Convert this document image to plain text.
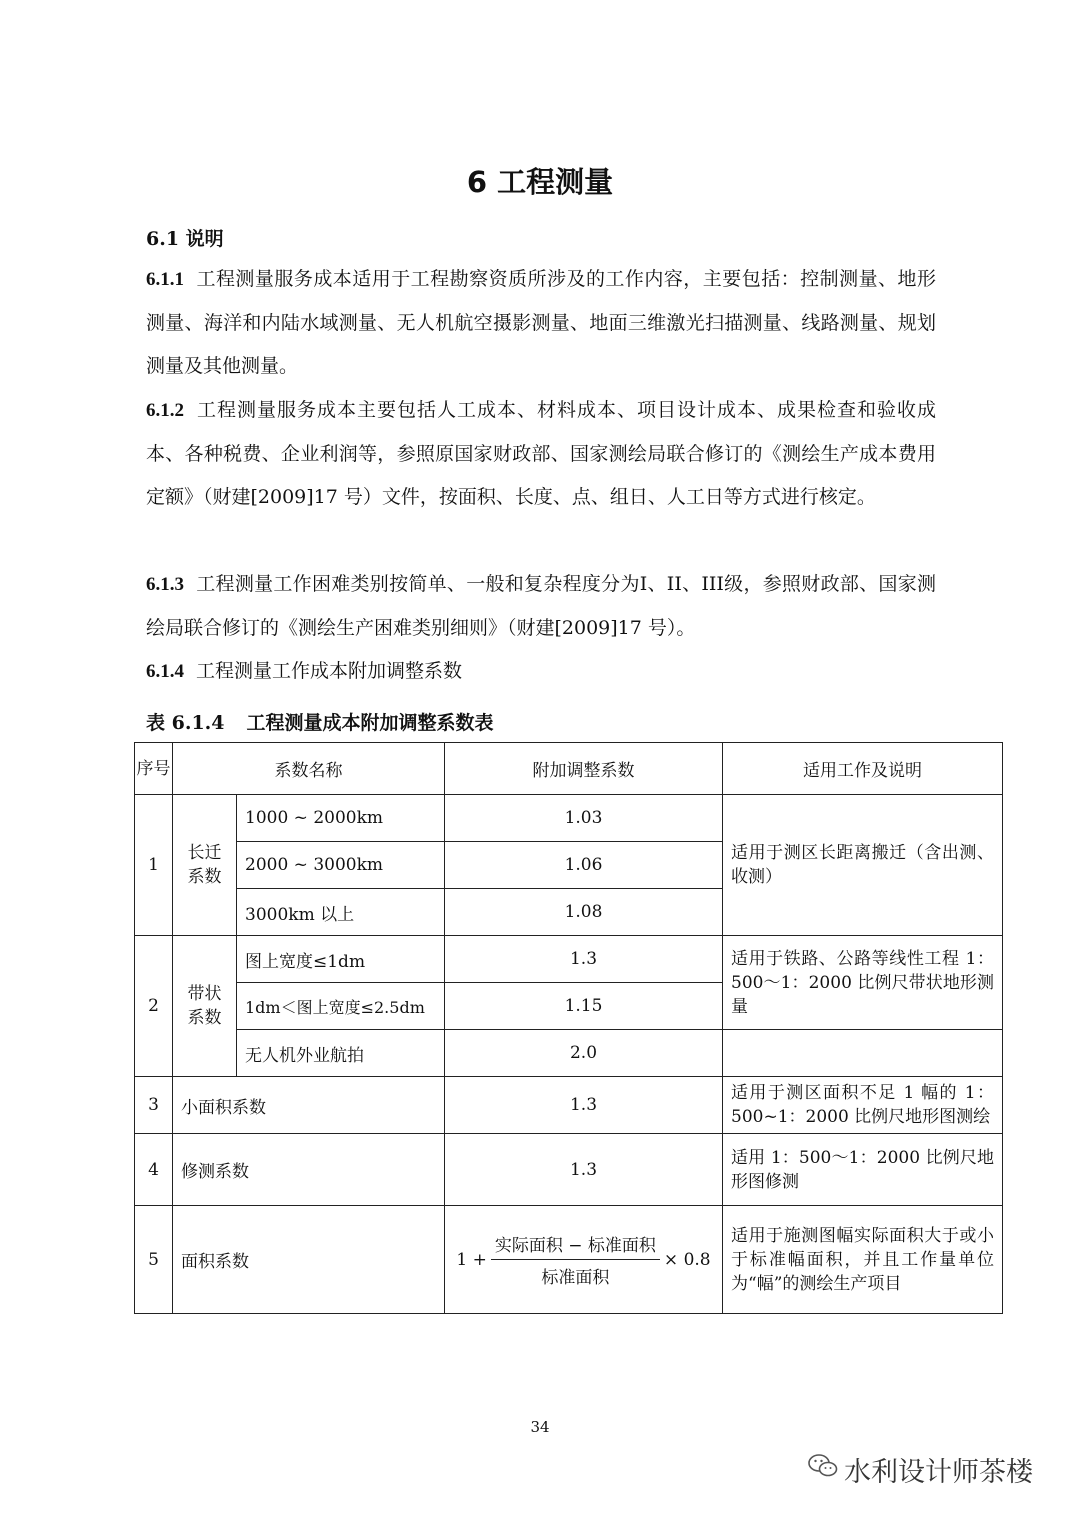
6 工程测量
6.1 说明
6.1.1 工程测量服务成本适用于工程勘察资质所涉及的工作内容，主要包括：控制测量、地形测量、海洋和内陆水域测量、无人机航空摄影测量、地面三维激光扫描测量、线路测量、规划测量及其他测量。
6.1.2 工程测量服务成本主要包括人工成本、材料成本、项目设计成本、成果检查和验收成本、各种税费、企业利润等，参照原国家财政部、国家测绘局联合修订的《测绘生产成本费用定额》（财建[2009]17 号）文件，按面积、长度、点、组日、人工日等方式进行核定。
6.1.3 工程测量工作困难类别按简单、一般和复杂程度分为I、II、III级，参照财政部、国家测绘局联合修订的《测绘生产困难类别细则》（财建[2009]17 号）。
6.1.4 工程测量工作成本附加调整系数
表 6.1.4 工程测量成本附加调整系数表
序号	系数名称		附加调整系数	适用工作及说明
1	长迁系数	1000 ~ 2000km	1.03	适用于测区长距离搬迁（含出测、收测）
		2000 ~ 3000km	1.06	
		3000km 以上	1.08	
2	带状系数	图上宽度≤1dm	1.3	适用于铁路、公路等线性工程 1：500～1：2000 比例尺带状地形测量
		1dm＜图上宽度≤2.5dm	1.15	
		无人机外业航拍	2.0	
3	小面积系数		1.3	适用于测区面积不足 1 幅的 1：500~1：2000 比例尺地形图测绘
4	修测系数		1.3	适用 1：500～1：2000 比例尺地形图修测
5	面积系数		1 +
实际面积 − 标准面积
标准面积
× 0.8	适用于施测图幅实际面积大于或小于标准幅面积，并且工作量单位为“幅”的测绘生产项目
34
水利设计师茶楼
